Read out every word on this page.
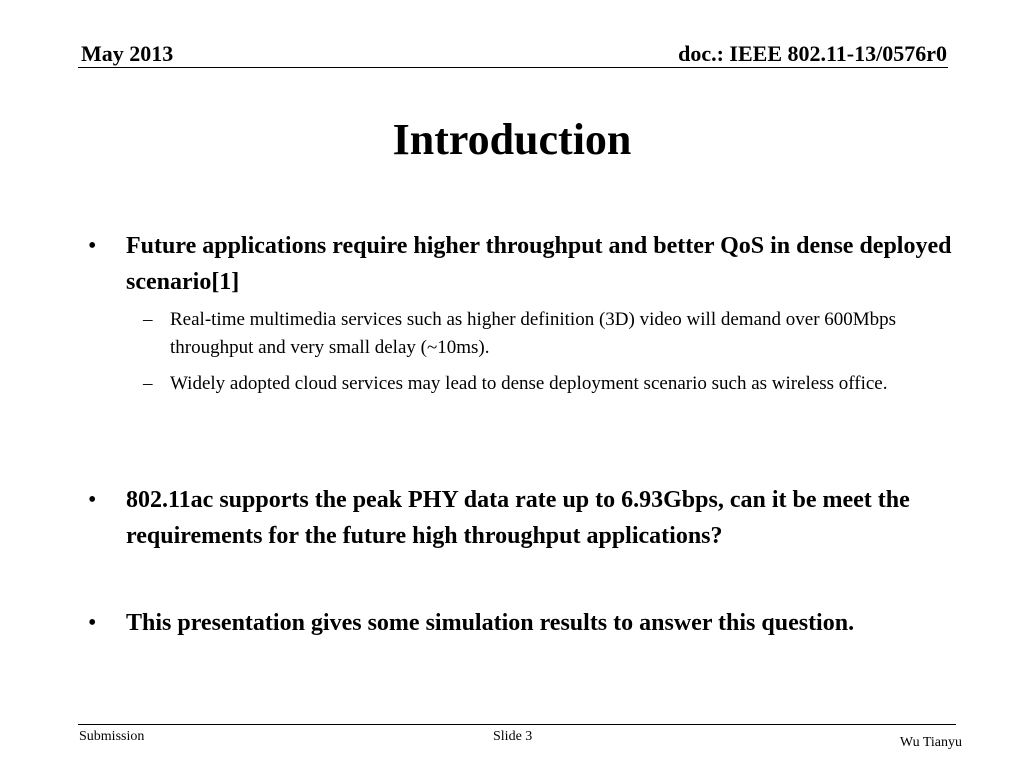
May 2013	doc.: IEEE 802.11-13/0576r0
Introduction
• Future applications require higher throughput and better QoS in dense deployed scenario[1]
– Real-time multimedia services such as higher definition (3D) video will demand over 600Mbps throughput and very small delay (~10ms).
– Widely adopted cloud services may lead to dense deployment scenario such as wireless office.
• 802.11ac supports the peak PHY data rate up to 6.93Gbps, can it be meet the requirements for the future high throughput applications?
• This presentation gives some simulation results to answer this question.
Submission	Slide 3	Wu Tianyu
